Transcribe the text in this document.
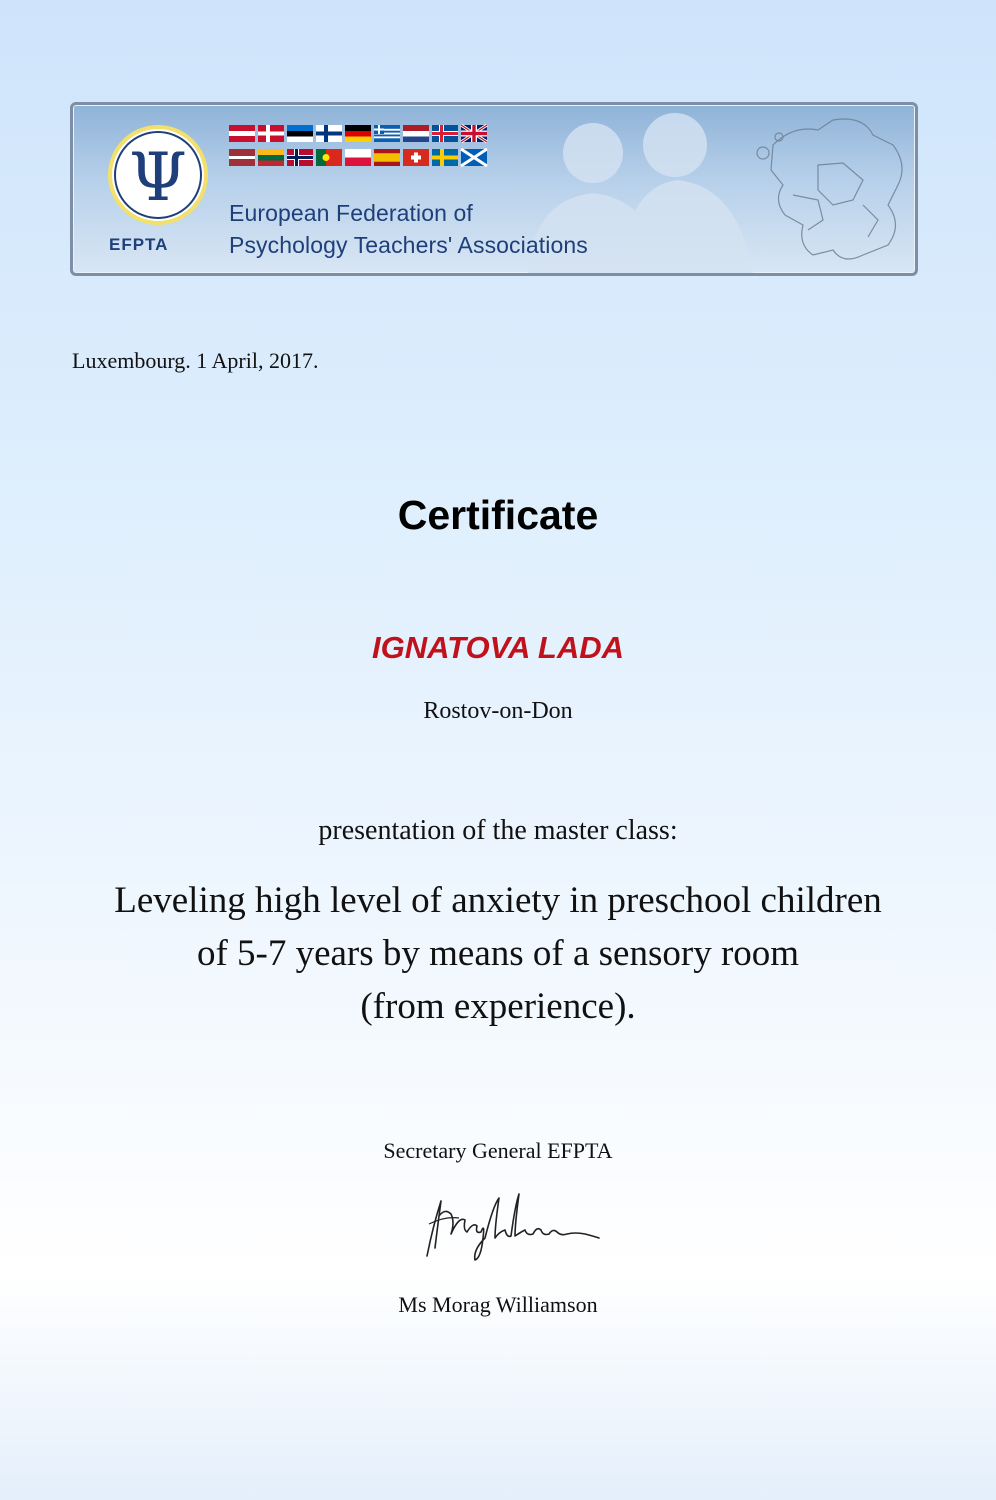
Ψ
EFPTA
European Federation of
Psychology Teachers' Associations
Luxembourg. 1 April, 2017.
Certificate
IGNATOVA LADA
Rostov-on-Don
presentation of the master class:
Leveling high level of anxiety in preschool children
of 5-7 years by means of a sensory room
(from experience).
Secretary General EFPTA
Ms Morag Williamson
